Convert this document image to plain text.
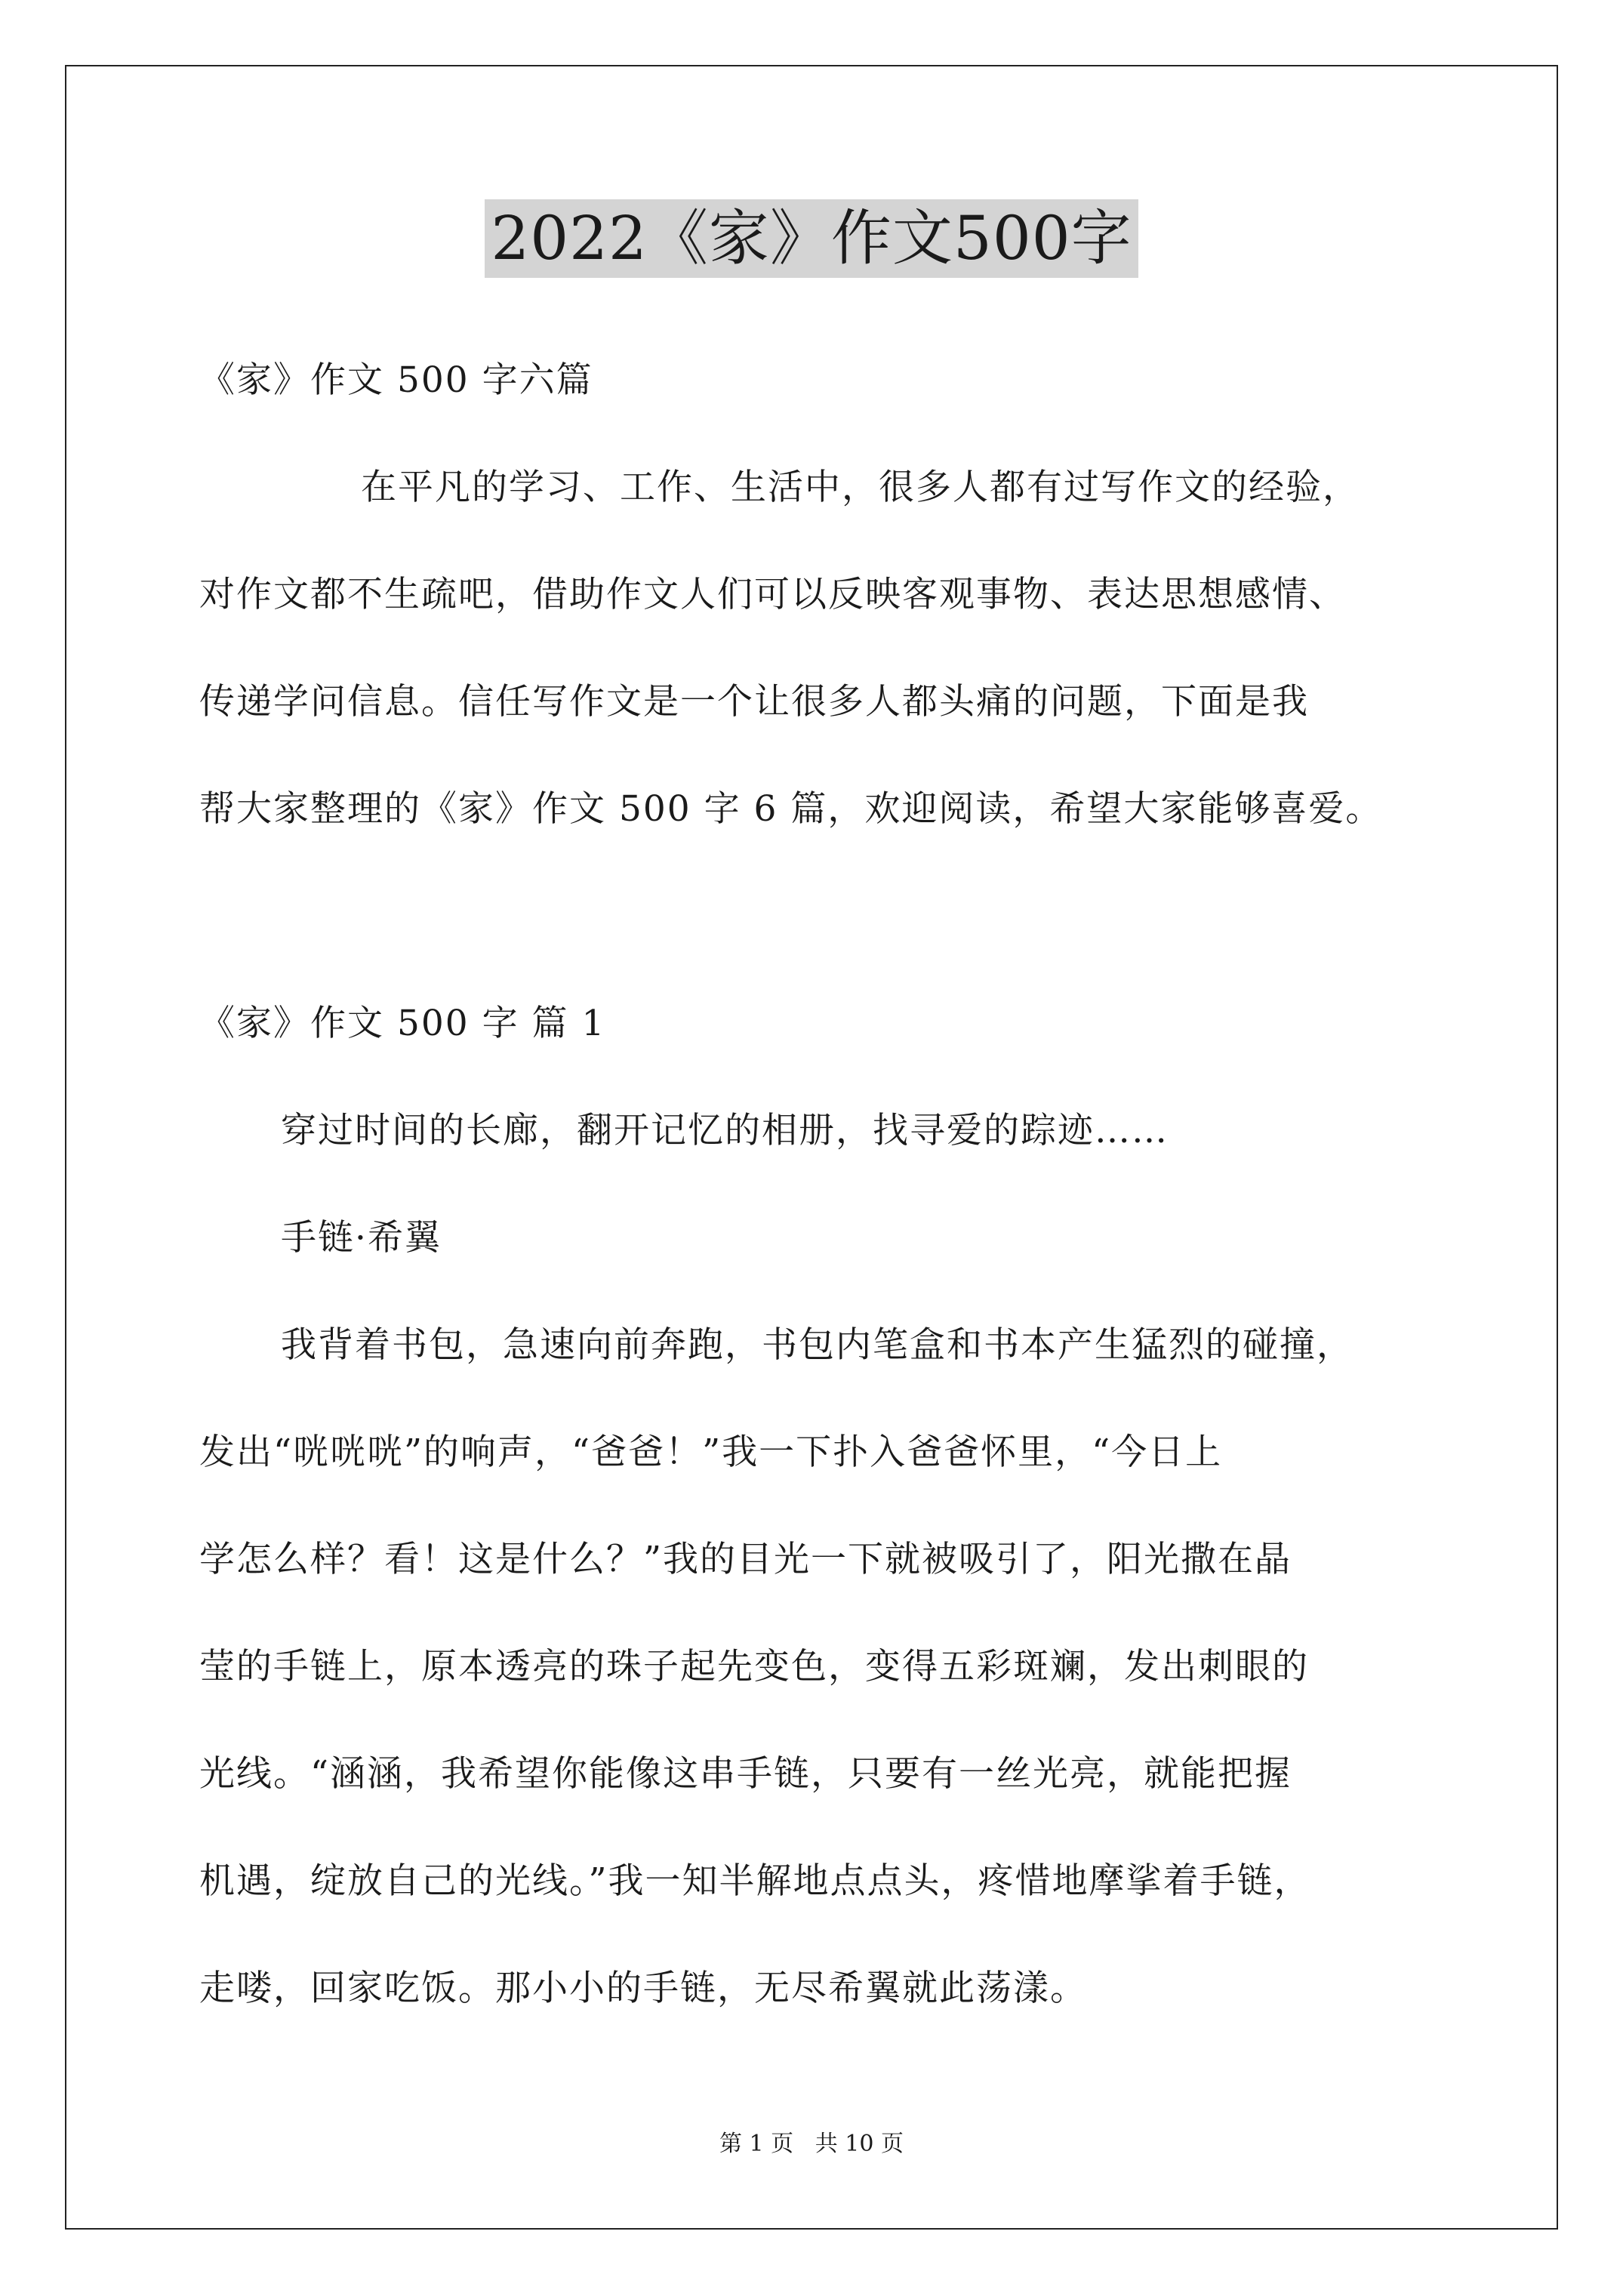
2022《家》作文500字
《家》作文 500 字六篇
在平凡的学习、工作、生活中，很多人都有过写作文的经验，
对作文都不生疏吧，借助作文人们可以反映客观事物、表达思想感情、
传递学问信息。信任写作文是一个让很多人都头痛的问题，下面是我
帮大家整理的《家》作文 500 字 6 篇，欢迎阅读，希望大家能够喜爱。
《家》作文 500 字 篇 1
穿过时间的长廊，翻开记忆的相册，找寻爱的踪迹……
手链·希翼
我背着书包，急速向前奔跑，书包内笔盒和书本产生猛烈的碰撞，
发出“咣咣咣”的响声，“爸爸！”我一下扑入爸爸怀里，“今日上
学怎么样？看！这是什么？”我的目光一下就被吸引了，阳光撒在晶
莹的手链上，原本透亮的珠子起先变色，变得五彩斑斓，发出刺眼的
光线。“涵涵，我希望你能像这串手链，只要有一丝光亮，就能把握
机遇，绽放自己的光线。”我一知半解地点点头，疼惜地摩挲着手链，
走喽，回家吃饭。那小小的手链，无尽希翼就此荡漾。
第 1 页   共 10 页
